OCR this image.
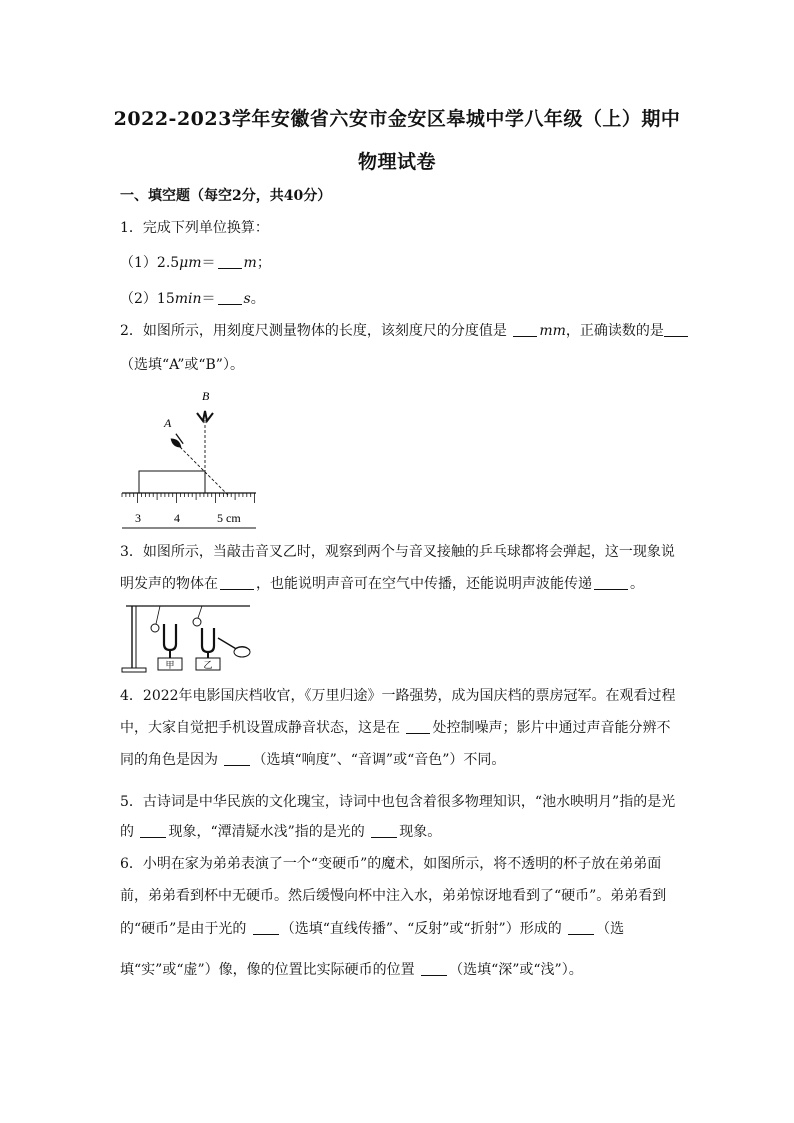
2022-2023学年安徽省六安市金安区皋城中学八年级（上）期中
物理试卷
一、填空题（每空2分，共40分）
1．完成下列单位换算：
（1）2.5μm＝ m；
（2）15min＝ s。
2．如图所示，用刻度尺测量物体的长度，该刻度尺的分度值是 mm，正确读数的是
（选填“A”或“B”）。
A
B
3	4	5 cm
3．如图所示，当敲击音叉乙时，观察到两个与音叉接触的乒乓球都将会弹起，这一现象说
明发声的物体在	，也能说明声音可在空气中传播，还能说明声波能传递	。
甲	乙
4．2022年电影国庆档收官，《万里归途》一路强势，成为国庆档的票房冠军。在观看过程
中，大家自觉把手机设置成静音状态，这是在 处控制噪声；影片中通过声音能分辨不
同的角色是因为 （选填“响度”、“音调”或“音色”）不同。
5．古诗词是中华民族的文化瑰宝，诗词中也包含着很多物理知识，“池水映明月”指的是光
的 现象，“潭清疑水浅”指的是光的 现象。
6．小明在家为弟弟表演了一个“变硬币”的魔术，如图所示，将不透明的杯子放在弟弟面
前，弟弟看到杯中无硬币。然后缓慢向杯中注入水，弟弟惊讶地看到了“硬币”。弟弟看到
的“硬币”是由于光的 （选填“直线传播”、“反射”或“折射”）形成的 （选
填“实”或“虚”）像，像的位置比实际硬币的位置 （选填“深”或“浅”）。
